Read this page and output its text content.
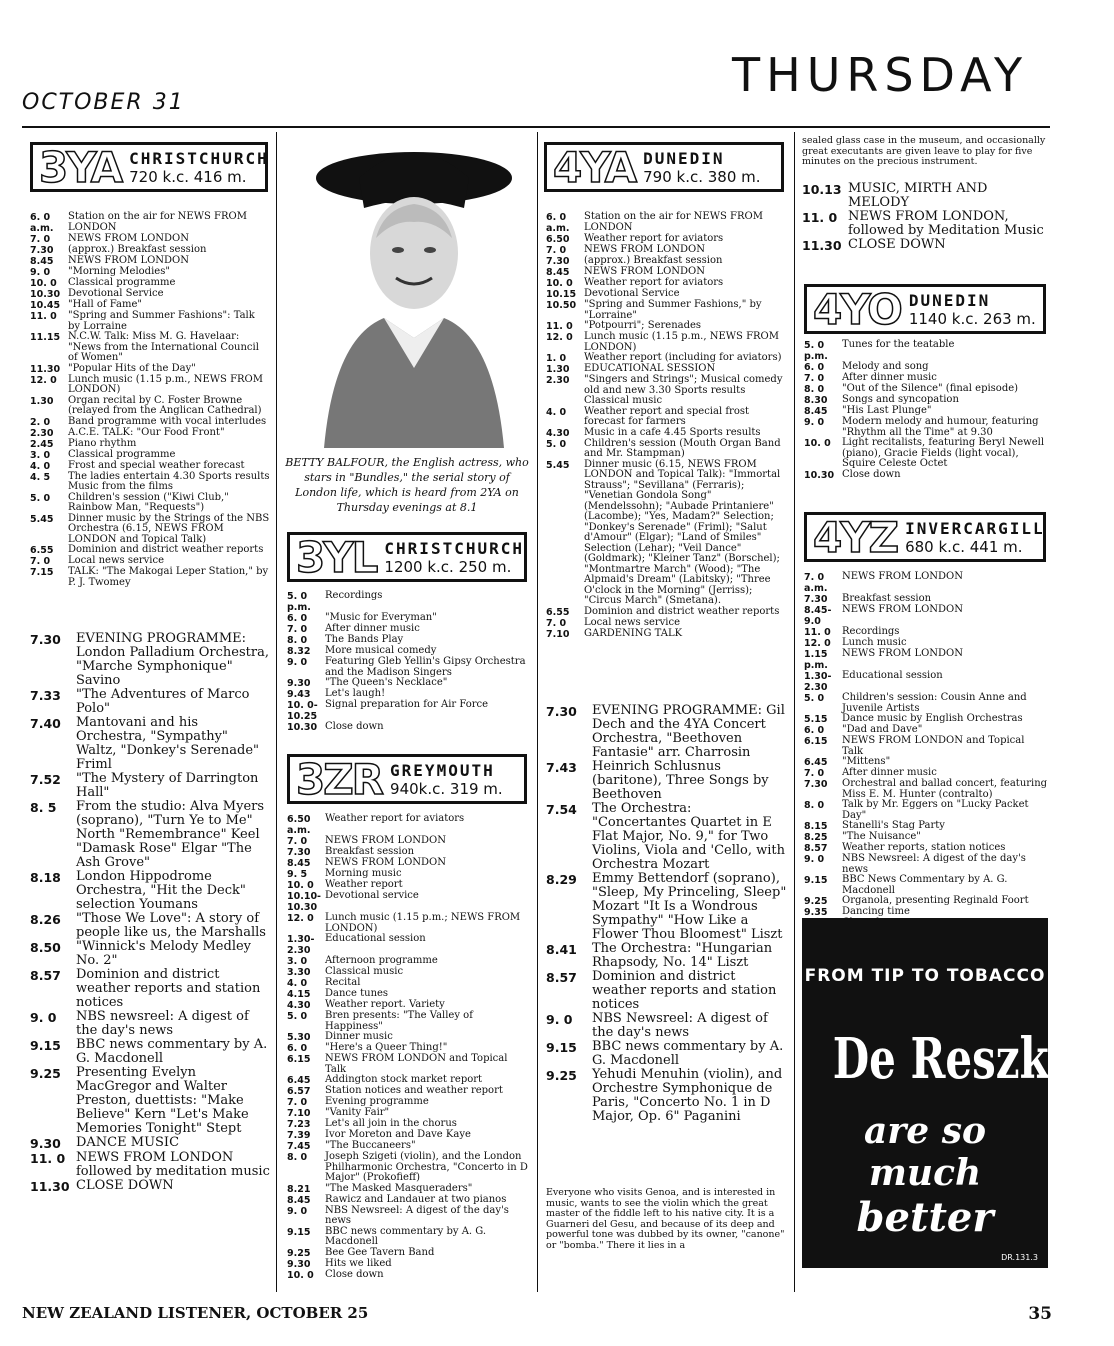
THURSDAY
OCTOBER 31
3YA CHRISTCHURCH
720 k.c. 416 m.
6. 0 a.m.
Station on the air for NEWS FROM LONDON
7. 0	NEWS FROM LONDON
7.30	(approx.) Breakfast session
8.45	NEWS FROM LONDON
9. 0	"Morning Melodies"
10. 0	Classical programme
10.30 Devotional Service
10.45 "Hall of Fame"
11. 0	"Spring and Summer Fashions": Talk by Lorraine
11.15 N.C.W. Talk: Miss M. G. Havelaar: "News from the International Council of Women"
11.30 "Popular Hits of the Day"
12. 0	Lunch music (1.15 p.m., NEWS FROM LONDON)
1.30	Organ recital by C. Foster Browne (relayed from the Anglican Cathedral)
2. 0	Band programme with vocal interludes
2.30	A.C.E. TALK: "Our Food Front"
2.45	Piano rhythm
3. 0	Classical programme
4. 0	Frost and special weather forecast
4. 5	The ladies entertain 4.30 Sports results Music from the films
5. 0	Children's session ("Kiwi Club," Rainbow Man, "Requests")
5.45	Dinner music by the Strings of the NBS Orchestra (6.15, NEWS FROM LONDON and Topical Talk)
6.55	Dominion and district weather reports
7. 0	Local news service
7.15	TALK: "The Makogai Leper Station," by P. J. Twomey
7.30	EVENING PROGRAMME: London Palladium Orchestra, "Marche Symphonique" Savino
7.33	"The Adventures of Marco Polo"
7.40	Mantovani and his Orchestra, "Sympathy" Waltz, "Donkey's Serenade" Friml
7.52	"The Mystery of Darrington Hall"
8. 5	From the studio: Alva Myers (soprano), "Turn Ye to Me" North "Remembrance" Keel "Damask Rose" Elgar "The Ash Grove"
8.18	London Hippodrome Orchestra, "Hit the Deck" selection Youmans
8.26	"Those We Love": A story of people like us, the Marshalls
8.50	"Winnick's Melody Medley No. 2"
8.57	Dominion and district weather reports and station notices
9. 0	NBS newsreel: A digest of the day's news
9.15	BBC news commentary by A. G. Macdonell
9.25	Presenting Evelyn MacGregor and Walter Preston, duettists: "Make Believe" Kern "Let's Make Memories Tonight" Stept
9.30	DANCE MUSIC
11. 0 NEWS FROM LONDON followed by meditation music
11.30 CLOSE DOWN
BETTY BALFOUR, the English actress, who stars in "Bundles," the serial story of London life, which is heard from 2YA on Thursday evenings at 8.1
3YL CHRISTCHURCH
1200 k.c. 250 m.
5. 0 p.m.
Recordings
6. 0	"Music for Everyman"
7. 0	After dinner music
8. 0	The Bands Play
8.32	More musical comedy
9. 0	Featuring Gleb Yellin's Gipsy Orchestra and the Madison Singers
9.30	"The Queen's Necklace"
9.43	Let's laugh!
10. 0-10.25
Signal preparation for Air Force
10.30 Close down
3ZR GREYMOUTH
940k.c. 319 m.
6.50 a.m.
Weather report for aviators
7. 0	NEWS FROM LONDON
7.30	Breakfast session
8.45	NEWS FROM LONDON
9. 5	Morning music
10. 0	Weather report
10.10-10.30
Devotional service
12. 0	Lunch music (1.15 p.m.; NEWS FROM LONDON)
1.30-2.30
Educational session
3. 0	Afternoon programme
3.30	Classical music
4. 0	Recital
4.15	Dance tunes
4.30	Weather report. Variety
5. 0	Bren presents: "The Valley of Happiness"
5.30	Dinner music
6. 0	"Here's a Queer Thing!"
6.15	NEWS FROM LONDON and Topical Talk
6.45	Addington stock market report
6.57	Station notices and weather report
7. 0	Evening programme
7.10	"Vanity Fair"
7.23	Let's all join in the chorus
7.39	Ivor Moreton and Dave Kaye
7.45	"The Buccaneers"
8. 0	Joseph Szigeti (violin), and the London Philharmonic Orchestra, "Concerto in D Major" (Prokofieff)
8.21	"The Masked Masqueraders"
8.45	Rawicz and Landauer at two pianos
9. 0	NBS Newsreel: A digest of the day's news
9.15	BBC news commentary by A. G. Macdonell
9.25	Bee Gee Tavern Band
9.30	Hits we liked
10. 0	Close down
4YA DUNEDIN
790 k.c. 380 m.
6. 0 a.m.
Station on the air for NEWS FROM LONDON
6.50	Weather report for aviators
7. 0	NEWS FROM LONDON
7.30	(approx.) Breakfast session
8.45	NEWS FROM LONDON
10. 0	Weather report for aviators
10.15 Devotional Service
10.50 "Spring and Summer Fashions," by "Lorraine"
11. 0	"Potpourri"; Serenades
12. 0	Lunch music (1.15 p.m., NEWS FROM LONDON)
1. 0	Weather report (including for aviators)
1.30	EDUCATIONAL SESSION
2.30	"Singers and Strings"; Musical comedy old and new 3.30 Sports results Classical music
4. 0	Weather report and special frost forecast for farmers
4.30	Music in a cafe 4.45 Sports results
5. 0	Children's session (Mouth Organ Band and Mr. Stampman)
5.45	Dinner music (6.15, NEWS FROM LONDON and Topical Talk): "Immortal Strauss"; "Sevillana" (Ferraris); "Venetian Gondola Song" (Mendelssohn); "Aubade Printaniere" (Lacombe); "Yes, Madam?" Selection; "Donkey's Serenade" (Friml); "Salut d'Amour" (Elgar); "Land of Smiles" Selection (Lehar); "Veil Dance" (Goldmark); "Kleiner Tanz" (Borschel); "Montmartre March" (Wood); "The Alpmaid's Dream" (Labitsky); "Three O'clock in the Morning" (Jerriss); "Circus March" (Smetana).
6.55	Dominion and district weather reports
7. 0	Local news service
7.10	GARDENING TALK
7.30	EVENING PROGRAMME: Gil Dech and the 4YA Concert Orchestra, "Beethoven Fantasie" arr. Charrosin
7.43	Heinrich Schlusnus (baritone), Three Songs by Beethoven
7.54	The Orchestra: "Concertantes Quartet in E Flat Major, No. 9," for Two Violins, Viola and 'Cello, with Orchestra Mozart
8.29	Emmy Bettendorf (soprano), "Sleep, My Princeling, Sleep" Mozart "It Is a Wondrous Sympathy" "How Like a Flower Thou Bloomest" Liszt
8.41	The Orchestra: "Hungarian Rhapsody, No. 14" Liszt
8.57	Dominion and district weather reports and station notices
9. 0	NBS Newsreel: A digest of the day's news
9.15	BBC news commentary by A. G. Macdonell
9.25	Yehudi Menuhin (violin), and Orchestre Symphonique de Paris, "Concerto No. 1 in D Major, Op. 6" Paganini
Everyone who visits Genoa, and is interested in music, wants to see the violin which the great master of the fiddle left to his native city. It is a Guarneri del Gesu, and because of its deep and powerful tone was dubbed by its owner, "canone" or "bomba." There it lies in a
sealed glass case in the museum, and occasionally great executants are given leave to play for five minutes on the precious instrument.
10.13 MUSIC, MIRTH AND MELODY
11. 0 NEWS FROM LONDON, followed by Meditation Music
11.30 CLOSE DOWN
4YO DUNEDIN
1140 k.c. 263 m.
5. 0 p.m.
Tunes for the teatable
6. 0	Melody and song
7. 0	After dinner music
8. 0	"Out of the Silence" (final episode)
8.30	Songs and syncopation
8.45	"His Last Plunge"
9. 0	Modern melody and humour, featuring "Rhythm all the Time" at 9.30
10. 0	Light recitalists, featuring Beryl Newell (piano), Gracie Fields (light vocal), Squire Celeste Octet
10.30 Close down
4YZ INVERCARGILL
680 k.c. 441 m.
7. 0 a.m.
NEWS FROM LONDON
7.30	Breakfast session
8.45-9.0
NEWS FROM LONDON
11. 0	Recordings
12. 0	Lunch music
1.15 p.m.
NEWS FROM LONDON
1.30-2.30
Educational session
5. 0	Children's session: Cousin Anne and Juvenile Artists
5.15	Dance music by English Orchestras
6. 0	"Dad and Dave"
6.15	NEWS FROM LONDON and Topical Talk
6.45	"Mittens"
7. 0	After dinner music
7.30	Orchestral and ballad concert, featuring Miss E. M. Hunter (contralto)
8. 0	Talk by Mr. Eggers on "Lucky Packet Day"
8.15	Stanelli's Stag Party
8.25	"The Nuisance"
8.57	Weather reports, station notices
9. 0	NBS Newsreel: A digest of the day's news
9.15	BBC News Commentary by A. G. Macdonell
9.25	Organola, presenting Reginald Foort
9.35	Dancing time
FROM TIP TO TOBACCO
De Reszke
are so much
better
DR.131.3
NEW ZEALAND LISTENER, OCTOBER 25	35
